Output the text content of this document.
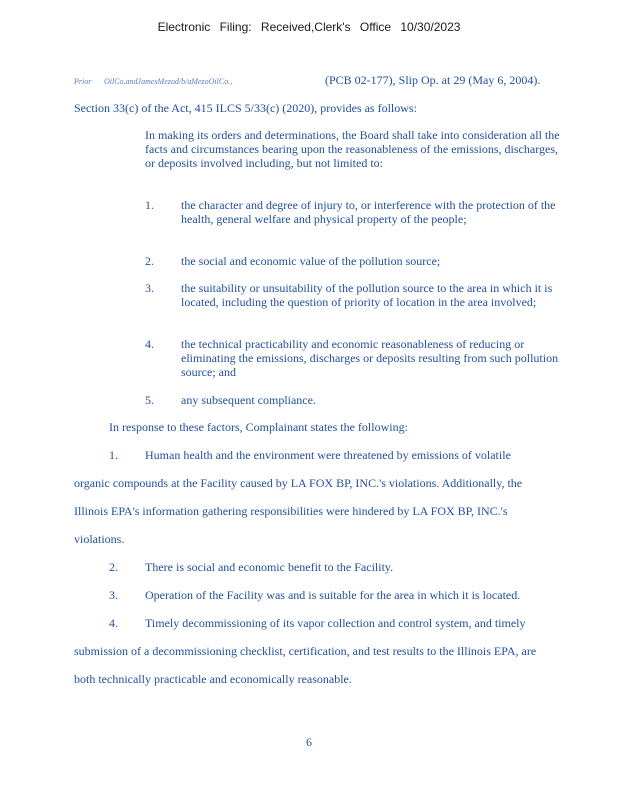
Electronic Filing: Received,Clerk's Office 10/30/2023
Prior OilCo.andJamesMezod/b/aMezoOilCo.,	(PCB 02-177), Slip Op. at 29 (May 6, 2004).
Section 33(c) of the Act, 415 ILCS 5/33(c) (2020), provides as follows:
In making its orders and determinations, the Board shall take into consideration all the facts and circumstances bearing upon the reasonableness of the emissions, discharges, or deposits involved including, but not limited to:
1. the character and degree of injury to, or interference with the protection of the health, general welfare and physical property of the people;
2. the social and economic value of the pollution source;
3. the suitability or unsuitability of the pollution source to the area in which it is located, including the question of priority of location in the area involved;
4. the technical practicability and economic reasonableness of reducing or eliminating the emissions, discharges or deposits resulting from such pollution source; and
5. any subsequent compliance.
In response to these factors, Complainant states the following:
1. Human health and the environment were threatened by emissions of volatile
organic compounds at the Facility caused by LA FOX BP, INC.'s violations. Additionally, the
Illinois EPA's information gathering responsibilities were hindered by LA FOX BP, INC.'s
violations.
2. There is social and economic benefit to the Facility.
3. Operation of the Facility was and is suitable for the area in which it is located.
4. Timely decommissioning of its vapor collection and control system, and timely
submission of a decommissioning checklist, certification, and test results to the Illinois EPA, are
both technically practicable and economically reasonable.
6
